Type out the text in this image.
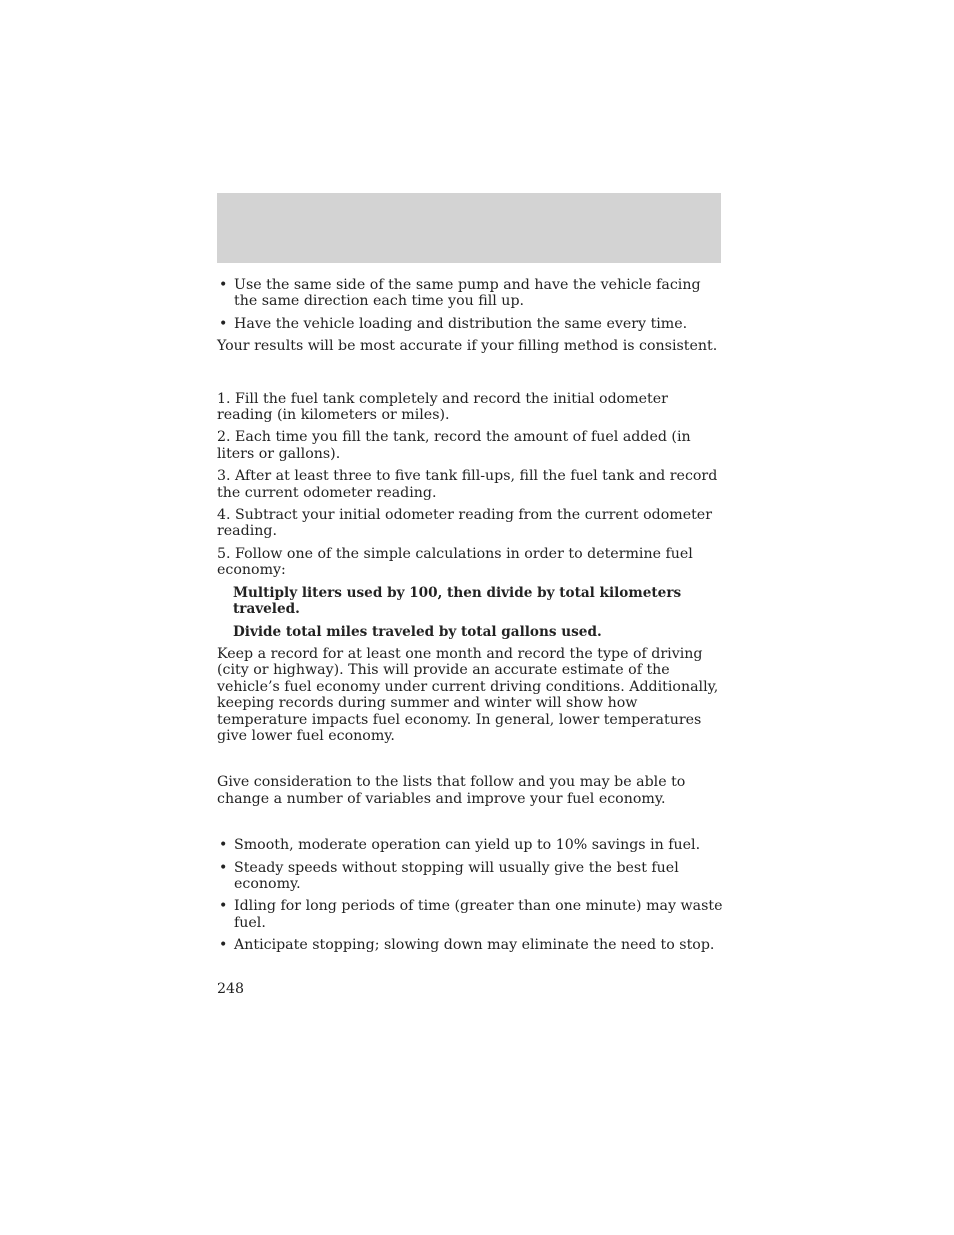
• Use the same side of the same pump and have the vehicle facing the same direction each time you fill up.
• Have the vehicle loading and distribution the same every time.

Your results will be most accurate if your filling method is consistent.

1. Fill the fuel tank completely and record the initial odometer reading (in kilometers or miles).

2. Each time you fill the tank, record the amount of fuel added (in liters or gallons).

3. After at least three to five tank fill-ups, fill the fuel tank and record the current odometer reading.

4. Subtract your initial odometer reading from the current odometer reading.

5. Follow one of the simple calculations in order to determine fuel economy:

Multiply liters used by 100, then divide by total kilometers traveled.

Divide total miles traveled by total gallons used.

Keep a record for at least one month and record the type of driving (city or highway). This will provide an accurate estimate of the vehicle’s fuel economy under current driving conditions. Additionally, keeping records during summer and winter will show how temperature impacts fuel economy. In general, lower temperatures give lower fuel economy.

Give consideration to the lists that follow and you may be able to change a number of variables and improve your fuel economy.

• Smooth, moderate operation can yield up to 10% savings in fuel.
• Steady speeds without stopping will usually give the best fuel economy.
• Idling for long periods of time (greater than one minute) may waste fuel.
• Anticipate stopping; slowing down may eliminate the need to stop.
248
